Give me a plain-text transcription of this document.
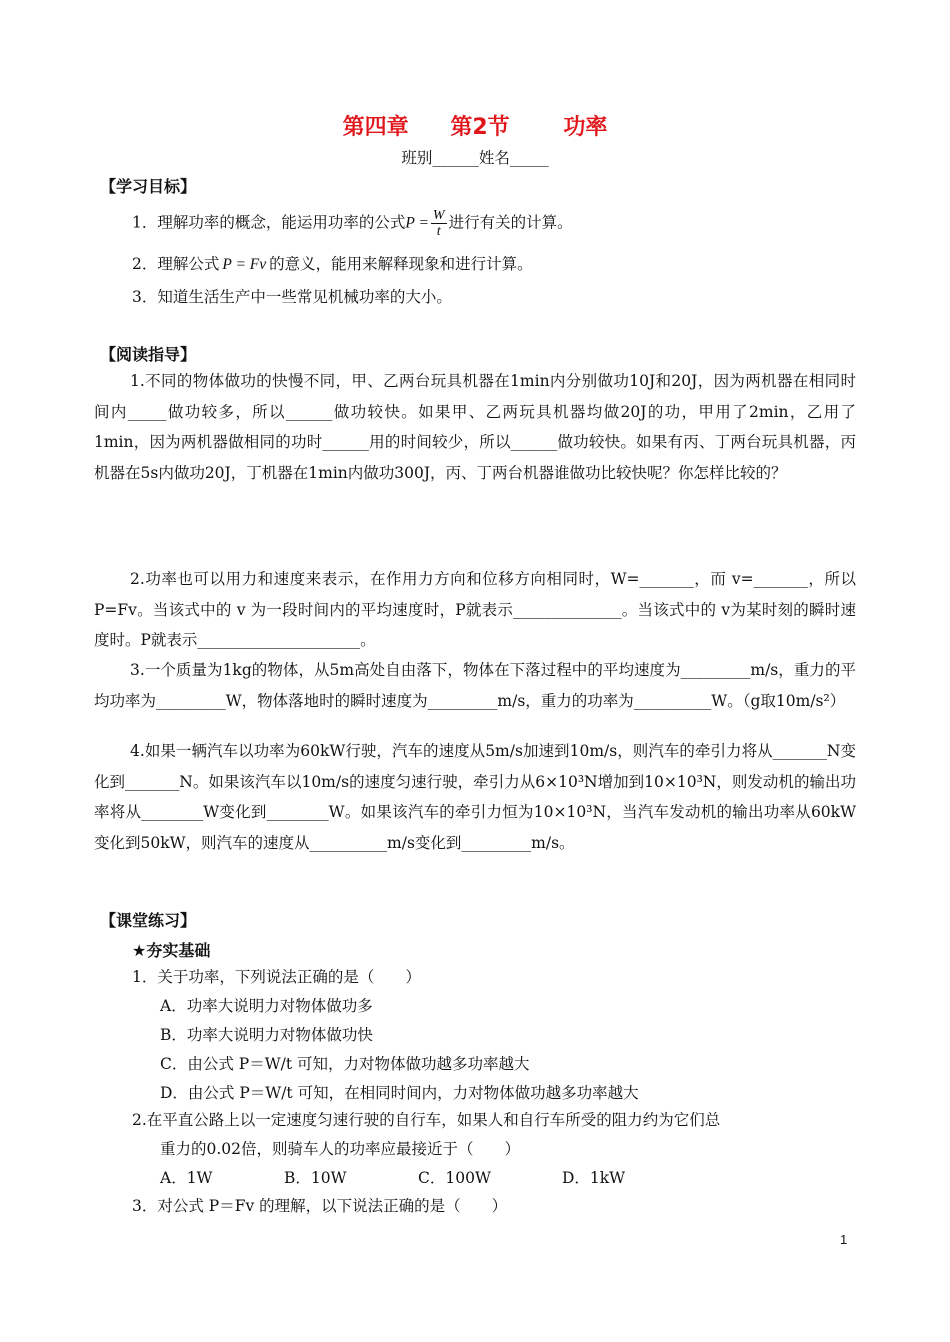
第四章 第2节 功率
班别______姓名_____
【学习目标】
1．理解功率的概念，能运用功率的公式$P = \frac{W}{t}$ 进行有关的计算。
2．理解公式 P = Fv 的意义，能用来解释现象和进行计算。
3．知道生活生产中一些常见机械功率的大小。
【阅读指导】
1.不同的物体做功的快慢不同，甲、乙两台玩具机器在1min内分别做功10J和20J，因为两机器在相同时间内_____做功较多，所以______做功较快。如果甲、乙两玩具机器均做20J的功，甲用了2min，乙用了1min，因为两机器做相同的功时______用的时间较少，所以______做功较快。如果有丙、丁两台玩具机器，丙机器在5s内做功20J，丁机器在1min内做功300J，丙、丁两台机器谁做功比较快呢？你怎样比较的？
2.功率也可以用力和速度来表示，在作用力方向和位移方向相同时，W=_______，而 v=_______，所以 P=Fv。当该式中的 v 为一段时间内的平均速度时，P就表示______________。当该式中的 v为某时刻的瞬时速度时。P就表示_____________________。
3.一个质量为1kg的物体，从5m高处自由落下，物体在下落过程中的平均速度为_________m/s，重力的平均功率为_________W，物体落地时的瞬时速度为_________m/s，重力的功率为__________W。（g取10m/s²）
4.如果一辆汽车以功率为60kW行驶，汽车的速度从5m/s加速到10m/s，则汽车的牵引力将从_______N变化到_______N。如果该汽车以10m/s的速度匀速行驶，牵引力从6×10³N增加到10×10³N，则发动机的输出功率将从________W变化到________W。如果该汽车的牵引力恒为10×10³N，当汽车发动机的输出功率从60kW变化到50kW，则汽车的速度从__________m/s变化到_________m/s。
【课堂练习】
★夯实基础
1．关于功率，下列说法正确的是（　　）
A．功率大说明力对物体做功多
B．功率大说明力对物体做功快
C．由公式 P＝W/t 可知，力对物体做功越多功率越大
D．由公式 P＝W/t 可知，在相同时间内，力对物体做功越多功率越大
2.在平直公路上以一定速度匀速行驶的自行车，如果人和自行车所受的阻力约为它们总
重力的0.02倍，则骑车人的功率应最接近于（　　）
A．1W	B．10W	C．100W	D．1kW
3．对公式 P＝Fv 的理解，以下说法正确的是（　　）
1
